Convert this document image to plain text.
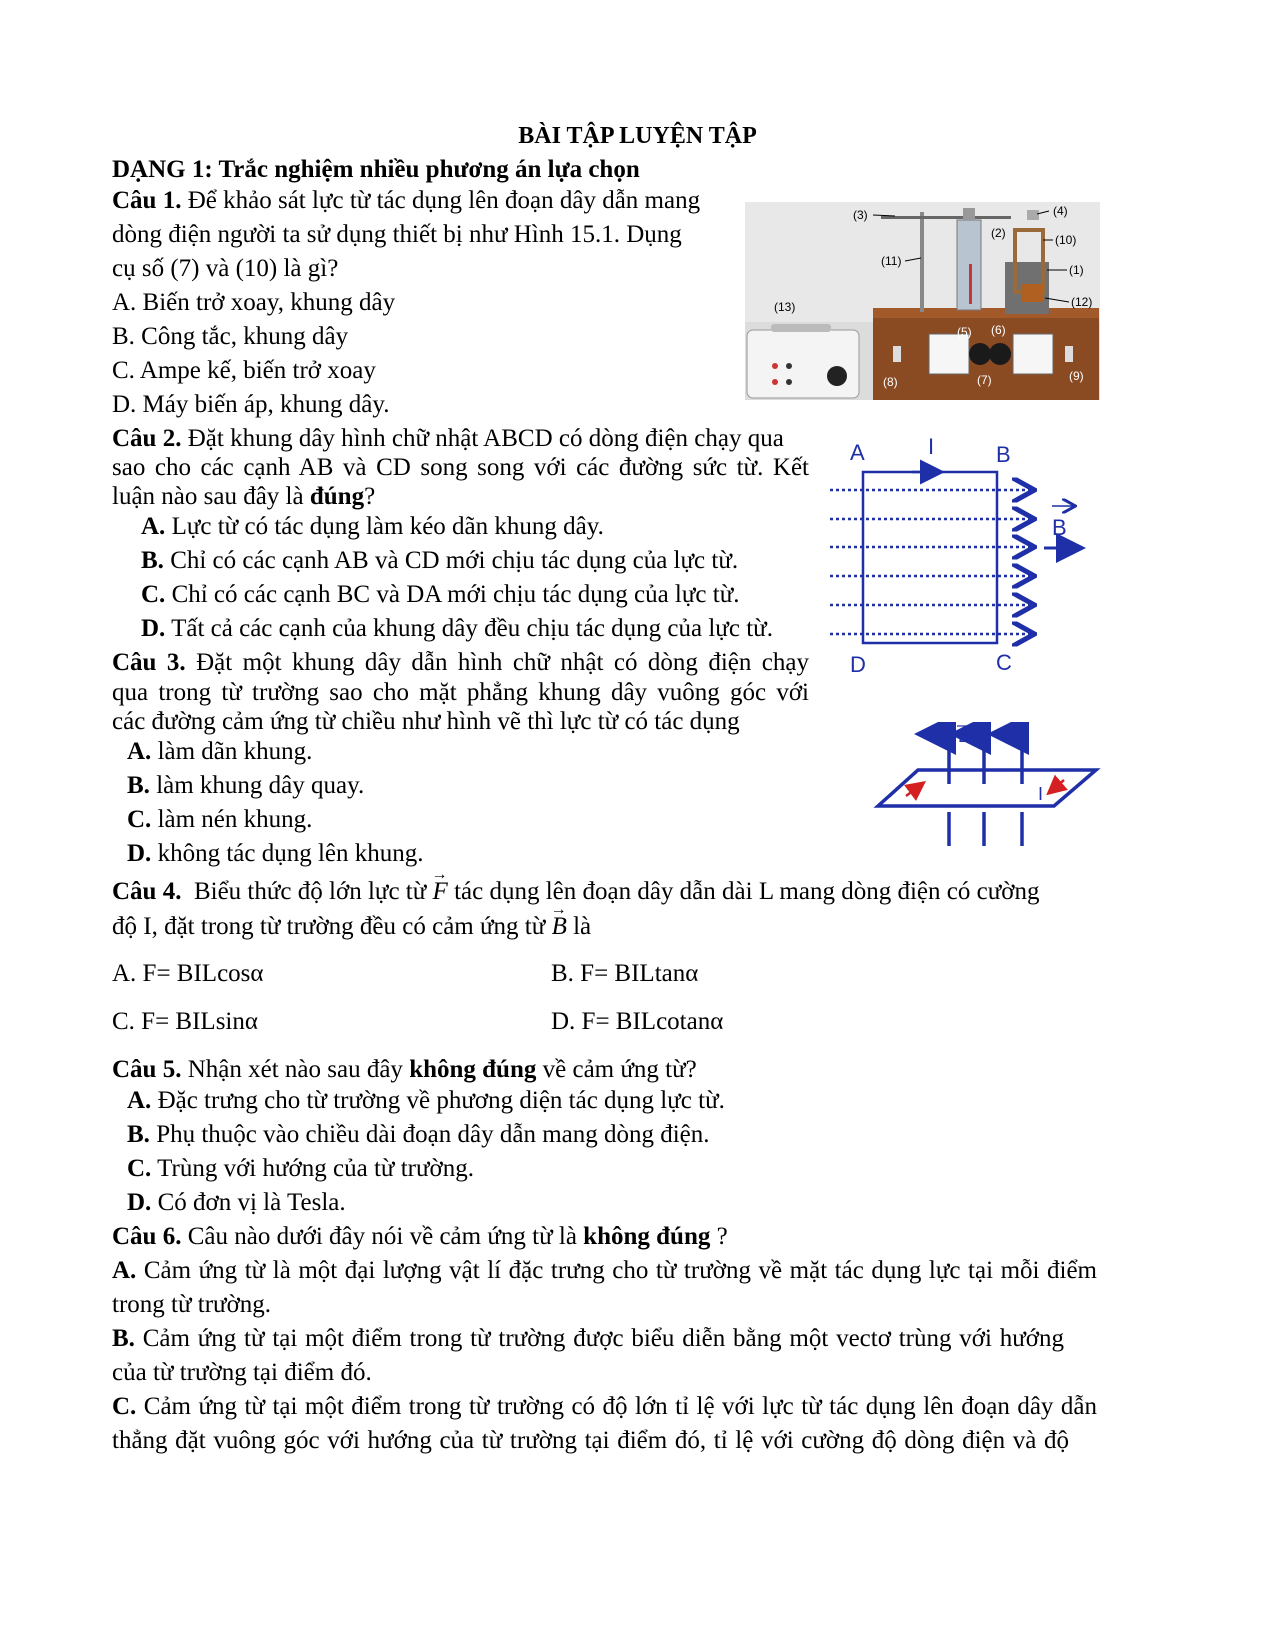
BÀI TẬP LUYỆN TẬP
DẠNG 1: Trắc nghiệm nhiều phương án lựa chọn
Câu 1. Để khảo sát lực từ tác dụng lên đoạn dây dẫn mang
dòng điện người ta sử dụng thiết bị như Hình 15.1. Dụng
cụ số (7) và (10) là gì?
A. Biến trở xoay, khung dây
B. Công tắc, khung dây
C. Ampe kế, biến trở xoay
D. Máy biến áp, khung dây.
(3)	(4)
(2)	(10)
(11)
(1)
(13)	(12)
(5) (6)
(8)	(7)	(9)
Câu 2. Đặt khung dây hình chữ nhật ABCD có dòng điện chạy qua
sao cho các cạnh AB và CD song song với các đường sức từ. Kết
luận nào sau đây là đúng?
A. Lực từ có tác dụng làm kéo dãn khung dây.
B. Chỉ có các cạnh AB và CD mới chịu tác dụng của lực từ.
C. Chỉ có các cạnh BC và DA mới chịu tác dụng của lực từ.
D. Tất cả các cạnh của khung dây đều chịu tác dụng của lực từ.
A	I	B
B
D	C
Câu 3. Đặt một khung dây dẫn hình chữ nhật có dòng điện chạy
qua trong từ trường sao cho mặt phẳng khung dây vuông góc với
các đường cảm ứng từ chiều như hình vẽ thì lực từ có tác dụng
A. làm dãn khung.
B. làm khung dây quay.
C. làm nén khung.
D. không tác dụng lên khung.
B
I
Câu 4. Biểu thức độ lớn lực từ → F tác dụng lên đoạn dây dẫn dài L mang dòng điện có cường
độ I, đặt trong từ trường đều có cảm ứng từ → B là
A. F= BILcosα	B. F= BILtanα
C. F= BILsinα	D. F= BILcotanα
Câu 5. Nhận xét nào sau đây không đúng về cảm ứng từ?
A. Đặc trưng cho từ trường về phương diện tác dụng lực từ.
B. Phụ thuộc vào chiều dài đoạn dây dẫn mang dòng điện.
C. Trùng với hướng của từ trường.
D. Có đơn vị là Tesla.
Câu 6. Câu nào dưới đây nói về cảm ứng từ là không đúng ?
A. Cảm ứng từ là một đại lượng vật lí đặc trưng cho từ trường về mặt tác dụng lực tại mỗi điểm
trong từ trường.
B. Cảm ứng từ tại một điểm trong từ trường được biểu diễn bằng một vectơ trùng với hướng
của từ trường tại điểm đó.
C. Cảm ứng từ tại một điểm trong từ trường có độ lớn tỉ lệ với lực từ tác dụng lên đoạn dây dẫn
thẳng đặt vuông góc với hướng của từ trường tại điểm đó, tỉ lệ với cường độ dòng điện và độ
